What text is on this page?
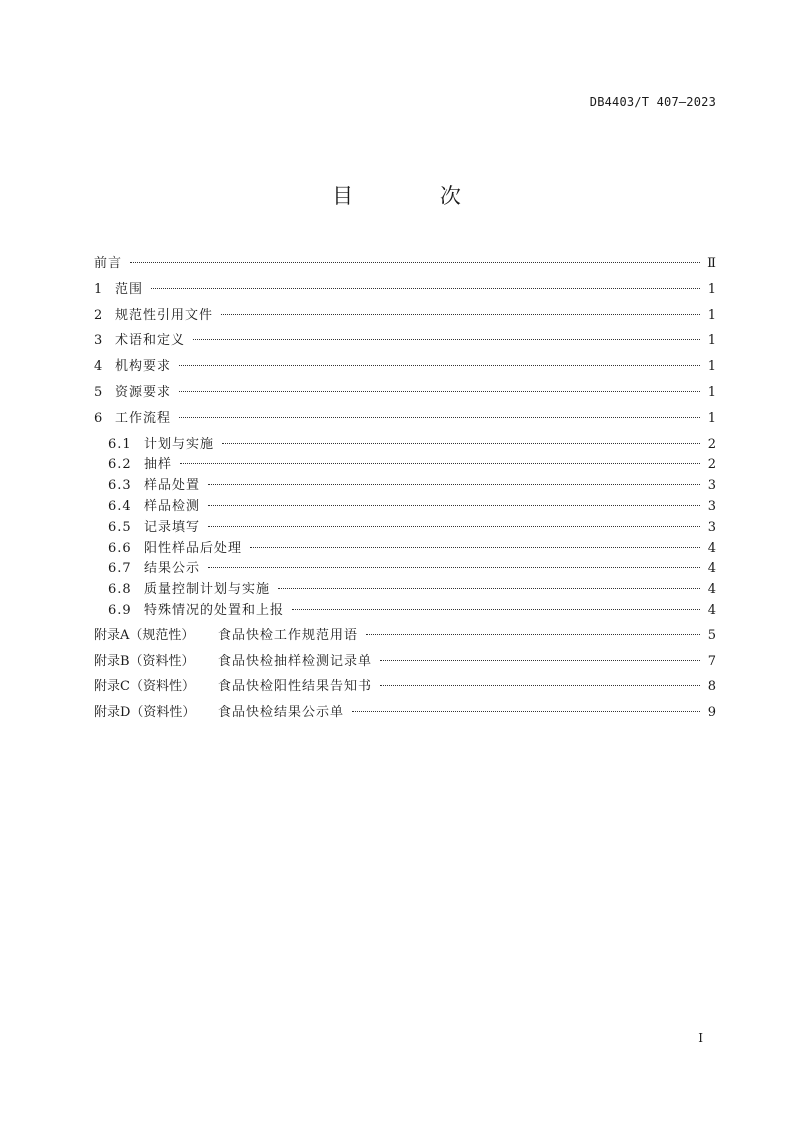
DB4403/T 407—2023
目 次
前言	Ⅱ
1 范围	1
2 规范性引用文件	1
3 术语和定义	1
4 机构要求	1
5 资源要求	1
6 工作流程	1
6.1 计划与实施	2
6.2 抽样	2
6.3 样品处置	3
6.4 样品检测	3
6.5 记录填写	3
6.6 阳性样品后处理	4
6.7 结果公示	4
6.8 质量控制计划与实施	4
6.9 特殊情况的处置和上报	4
附录A（规范性）	食品快检工作规范用语	5
附录B（资料性）	食品快检抽样检测记录单	7
附录C（资料性）	食品快检阳性结果告知书	8
附录D（资料性）	食品快检结果公示单	9
I
